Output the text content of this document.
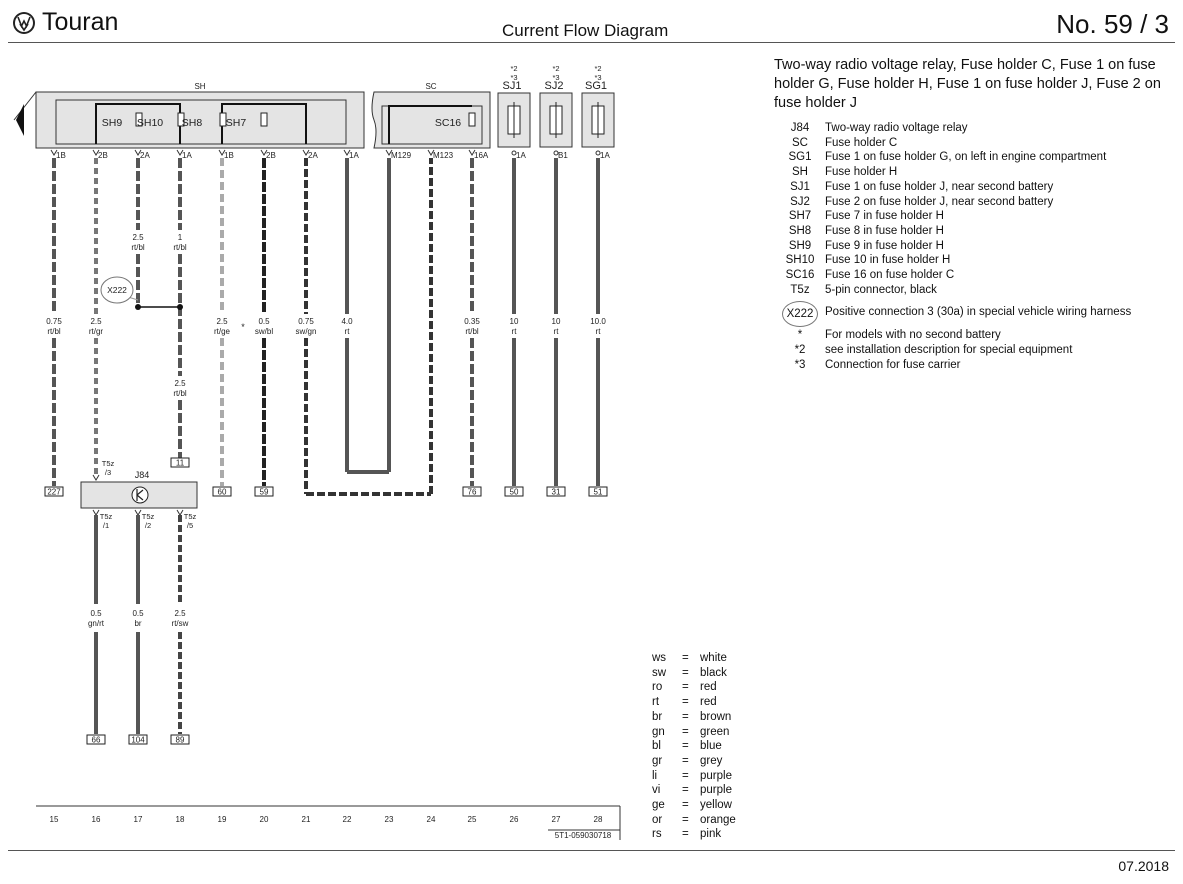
Touran	Current Flow Diagram	No. 59 / 3
Two-way radio voltage relay, Fuse holder C, Fuse 1 on fuse holder G, Fuse holder H, Fuse 1 on fuse holder J, Fuse 2 on fuse holder J
J84	Two-way radio voltage relay
SC	Fuse holder C
SG1	Fuse 1 on fuse holder G, on left in engine compartment
SH	Fuse holder H
SJ1	Fuse 1 on fuse holder J, near second battery
SJ2	Fuse 2 on fuse holder J, near second battery
SH7	Fuse 7 in fuse holder H
SH8	Fuse 8 in fuse holder H
SH9	Fuse 9 in fuse holder H
SH10 Fuse 10 in fuse holder H
SC16 Fuse 16 on fuse holder C
T5z	5-pin connector, black
X222	Positive connection 3 (30a) in special vehicle wiring harness
*	For models with no second battery
*2	see installation description for special equipment
*3	Connection for fuse carrier
ws = white
sw = black
ro = red
rt = red
br = brown
gn = green
bl = blue
gr = grey
li = purple
vi = purple
ge = yellow
or = orange
rs = pink
SH
SH9 SH10 SH8 SH7
SC
SC16
*2
*3
SJ1
*2
*3
SJ2
*2
*3
SG1
1B	2B	2A	1A	1B	2B	2A	1A	M129	M123	16A	1A	B1	1A
0.75
rt/bl
227
2.5
rt/gr
2.5
rt/bl
1
rt/bl
2.5
rt/bl
11
X222
2.5
rt/ge
60
*
0.5
sw/bl
59
0.75
sw/gn
4.0
rt
0.35
rt/bl
76
10
rt
50
10
rt
31
10.0
rt
51
J84
T5z
/3
T5z
/1
0.5
gn/rt
66
T5z
/2
0.5
br
104
T5z
/5
2.5
rt/sw
89
15	16	17	18	19	20	21	22	23	24	25	26	27	28
5T1-059030718
07.2018
